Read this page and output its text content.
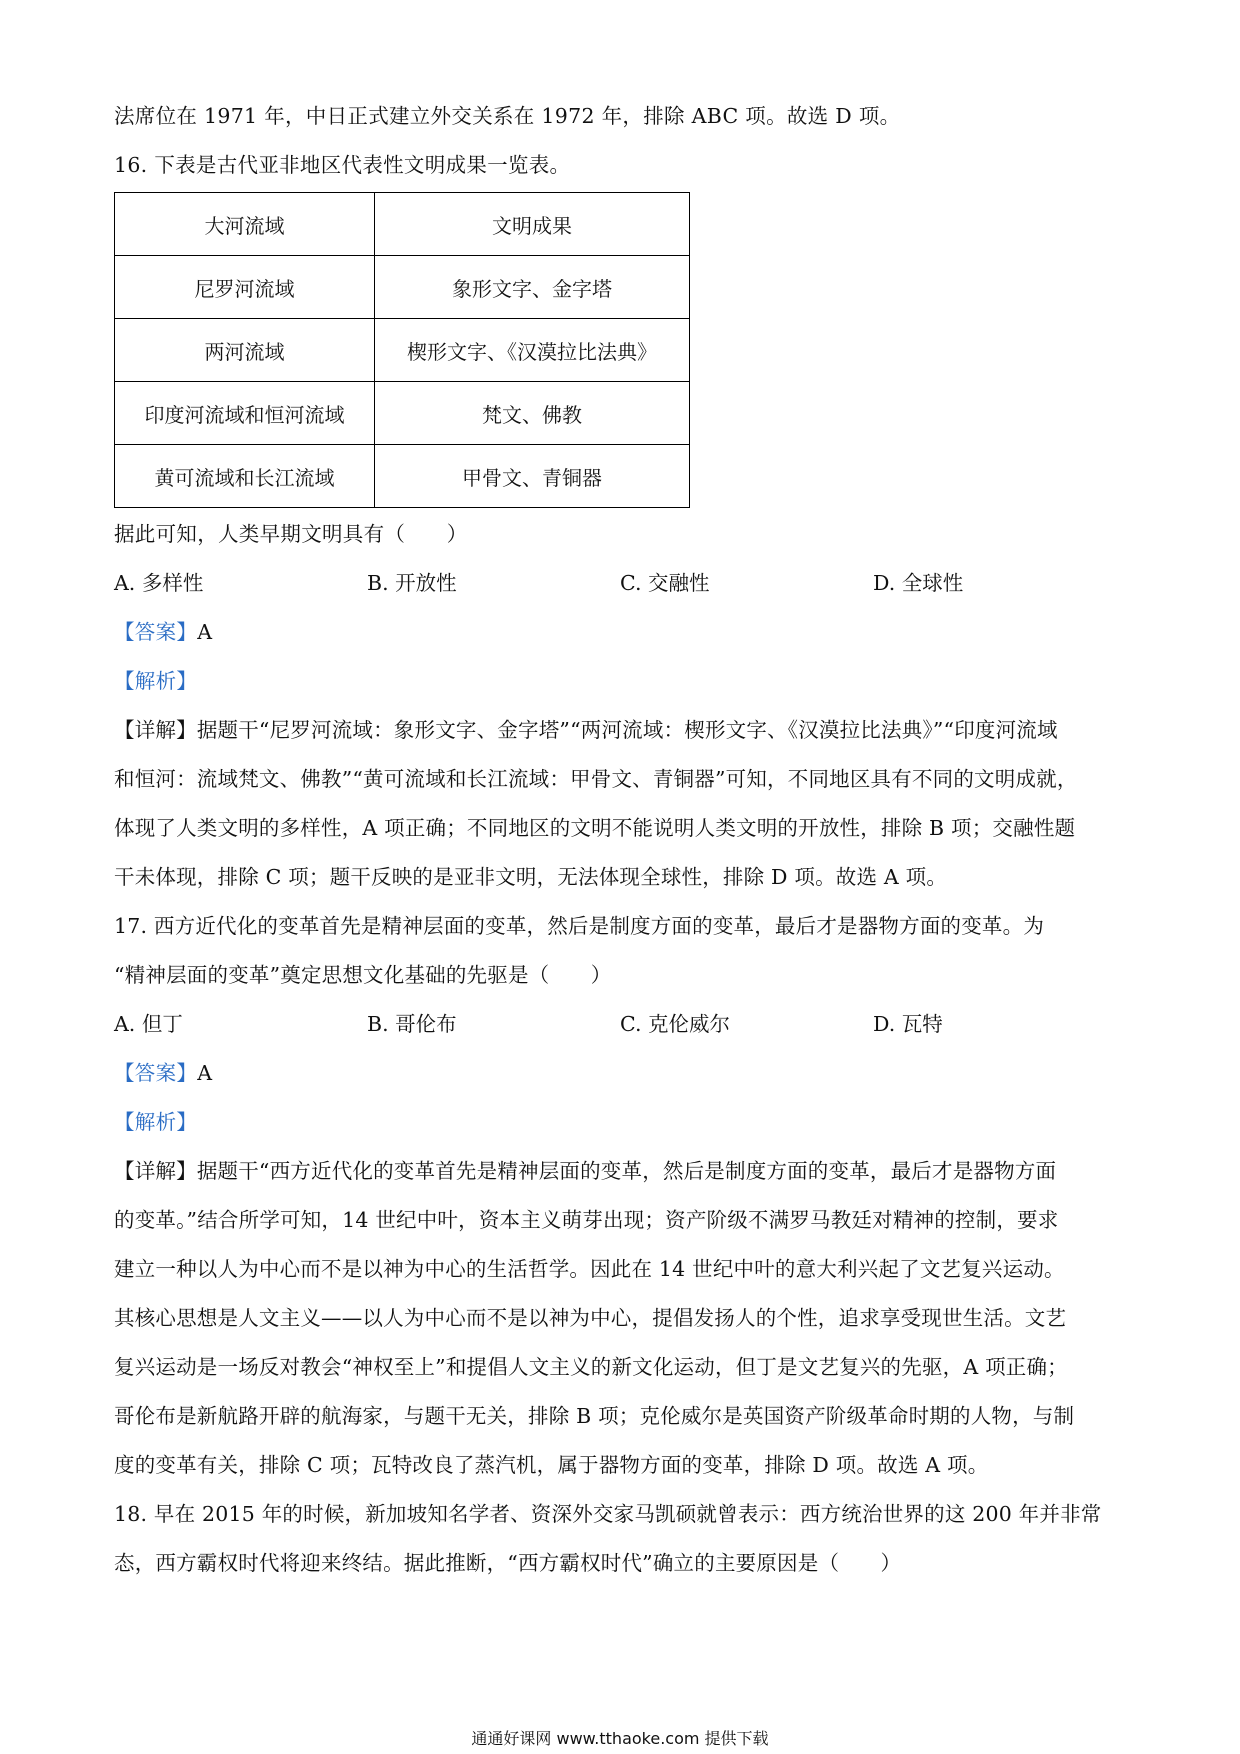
法席位在 1971 年，中日正式建立外交关系在 1972 年，排除 ABC 项。故选 D 项。
16. 下表是古代亚非地区代表性文明成果一览表。
大河流域	文明成果
尼罗河流域	象形文字、金字塔
两河流域	楔形文字、《汉漠拉比法典》
印度河流域和恒河流域	梵文、佛教
黄可流域和长江流域	甲骨文、青铜器
据此可知，人类早期文明具有（　　）
A. 多样性	B. 开放性	C. 交融性	D. 全球性
【答案】A
【解析】
【详解】据题干“尼罗河流域：象形文字、金字塔”“两河流域：楔形文字、《汉漠拉比法典》”“印度河流域
和恒河：流域梵文、佛教”“黄可流域和长江流域：甲骨文、青铜器”可知，不同地区具有不同的文明成就，
体现了人类文明的多样性，A 项正确；不同地区的文明不能说明人类文明的开放性，排除 B 项；交融性题
干未体现，排除 C 项；题干反映的是亚非文明，无法体现全球性，排除 D 项。故选 A 项。
17. 西方近代化的变革首先是精神层面的变革，然后是制度方面的变革，最后才是器物方面的变革。为
“精神层面的变革”奠定思想文化基础的先驱是（　　）
A. 但丁	B. 哥伦布	C. 克伦威尔	D. 瓦特
【答案】A
【解析】
【详解】据题干“西方近代化的变革首先是精神层面的变革，然后是制度方面的变革，最后才是器物方面
的变革。”结合所学可知，14 世纪中叶，资本主义萌芽出现；资产阶级不满罗马教廷对精神的控制，要求
建立一种以人为中心而不是以神为中心的生活哲学。因此在 14 世纪中叶的意大利兴起了文艺复兴运动。
其核心思想是人文主义——以人为中心而不是以神为中心，提倡发扬人的个性，追求享受现世生活。文艺
复兴运动是一场反对教会“神权至上”和提倡人文主义的新文化运动，但丁是文艺复兴的先驱，A 项正确；
哥伦布是新航路开辟的航海家，与题干无关，排除 B 项；克伦威尔是英国资产阶级革命时期的人物，与制
度的变革有关，排除 C 项；瓦特改良了蒸汽机，属于器物方面的变革，排除 D 项。故选 A 项。
18. 早在 2015 年的时候，新加坡知名学者、资深外交家马凯硕就曾表示：西方统治世界的这 200 年并非常
态，西方霸权时代将迎来终结。据此推断，“西方霸权时代”确立的主要原因是（　　）
通通好课网 www.tthaoke.com 提供下载
